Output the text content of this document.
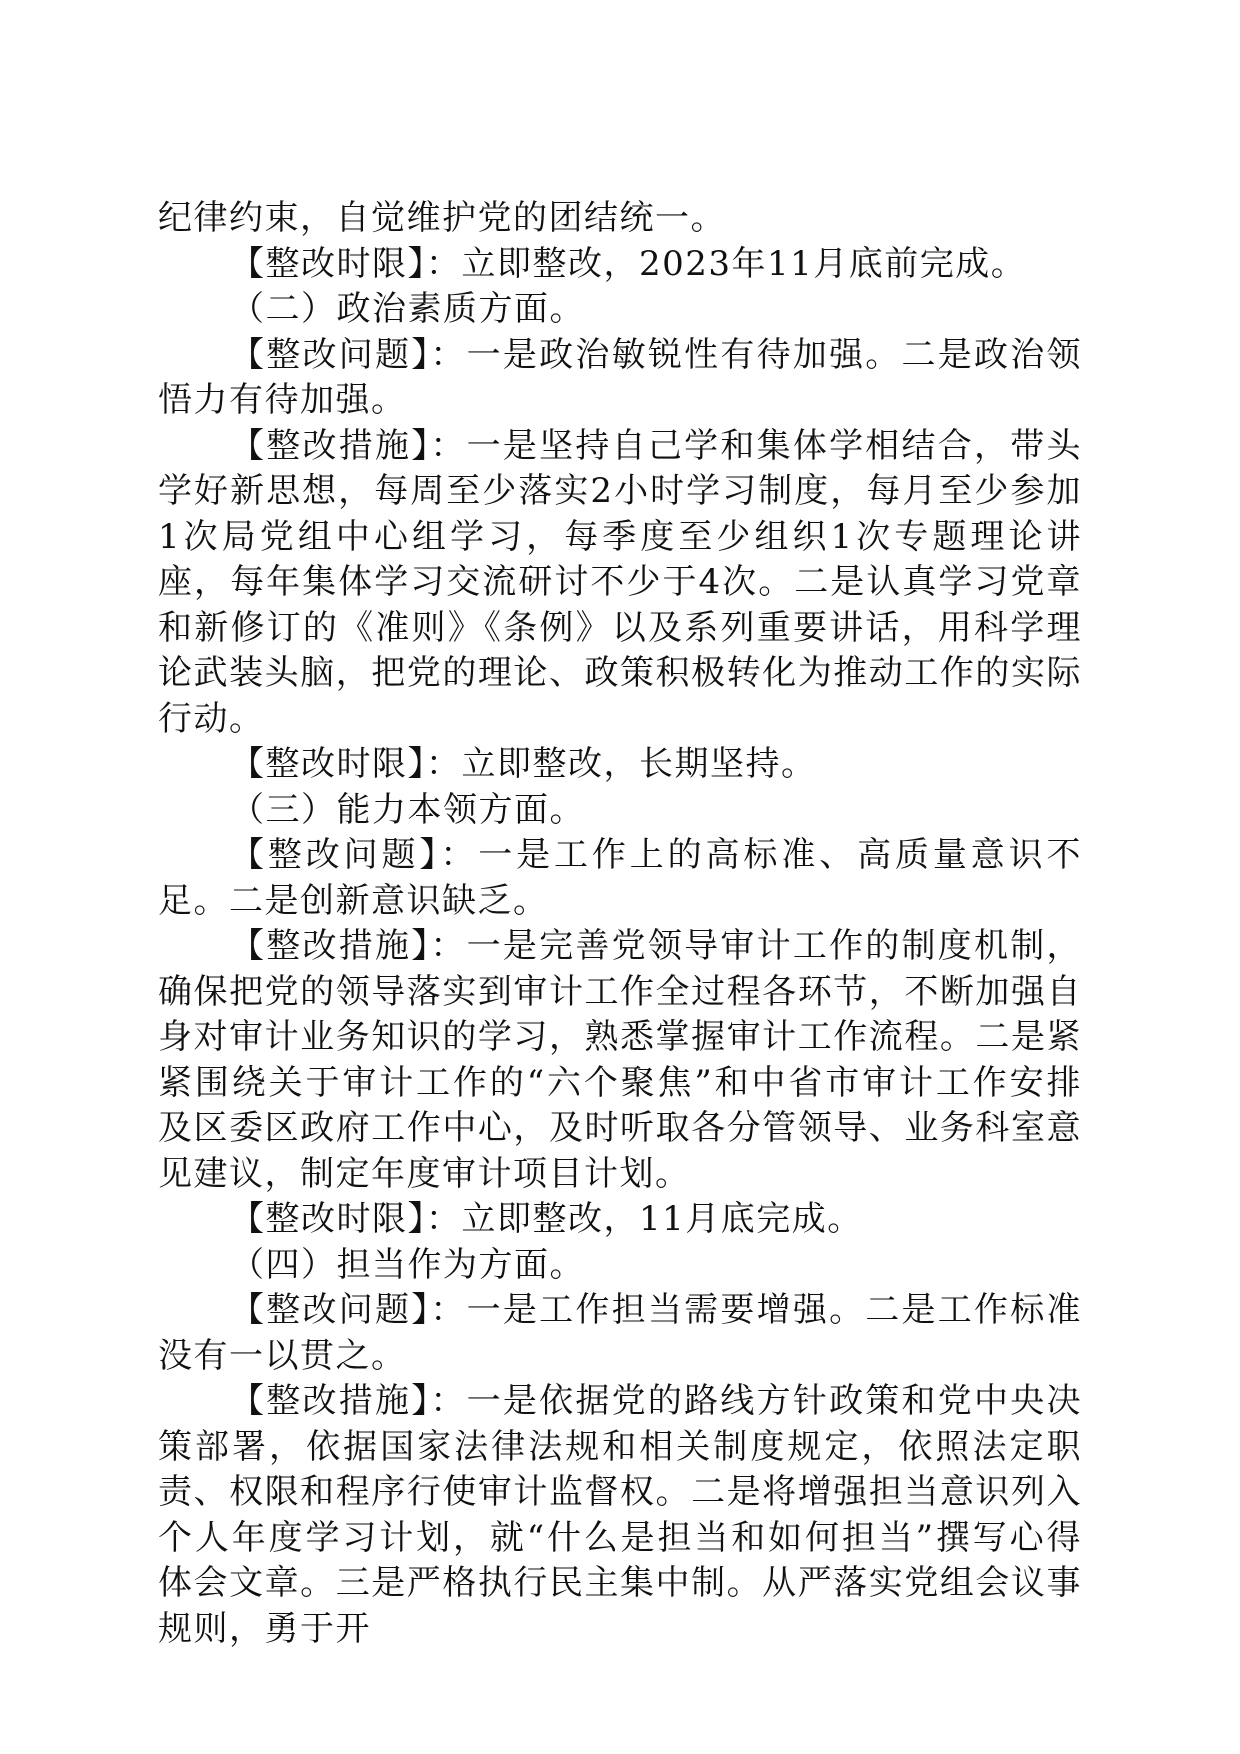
纪律约束，自觉维护党的团结统一。

【整改时限】：立即整改，2023年11月底前完成。

（二）政治素质方面。

【整改问题】：一是政治敏锐性有待加强。二是政治领悟力有待加强。

【整改措施】：一是坚持自己学和集体学相结合，带头学好新思想，每周至少落实2小时学习制度，每月至少参加1次局党组中心组学习，每季度至少组织1次专题理论讲座，每年集体学习交流研讨不少于4次。二是认真学习党章和新修订的《准则》《条例》以及系列重要讲话，用科学理论武装头脑，把党的理论、政策积极转化为推动工作的实际行动。

【整改时限】：立即整改，长期坚持。

（三）能力本领方面。

【整改问题】：一是工作上的高标准、高质量意识不足。二是创新意识缺乏。

【整改措施】：一是完善党领导审计工作的制度机制，确保把党的领导落实到审计工作全过程各环节，不断加强自身对审计业务知识的学习，熟悉掌握审计工作流程。二是紧紧围绕关于审计工作的“六个聚焦”和中省市审计工作安排及区委区政府工作中心，及时听取各分管领导、业务科室意见建议，制定年度审计项目计划。

【整改时限】：立即整改，11月底完成。

（四）担当作为方面。

【整改问题】：一是工作担当需要增强。二是工作标准没有一以贯之。

【整改措施】：一是依据党的路线方针政策和党中央决策部署，依据国家法律法规和相关制度规定，依照法定职责、权限和程序行使审计监督权。二是将增强担当意识列入个人年度学习计划，就“什么是担当和如何担当”撰写心得体会文章。三是严格执行民主集中制。从严落实党组会议事规则，勇于开
